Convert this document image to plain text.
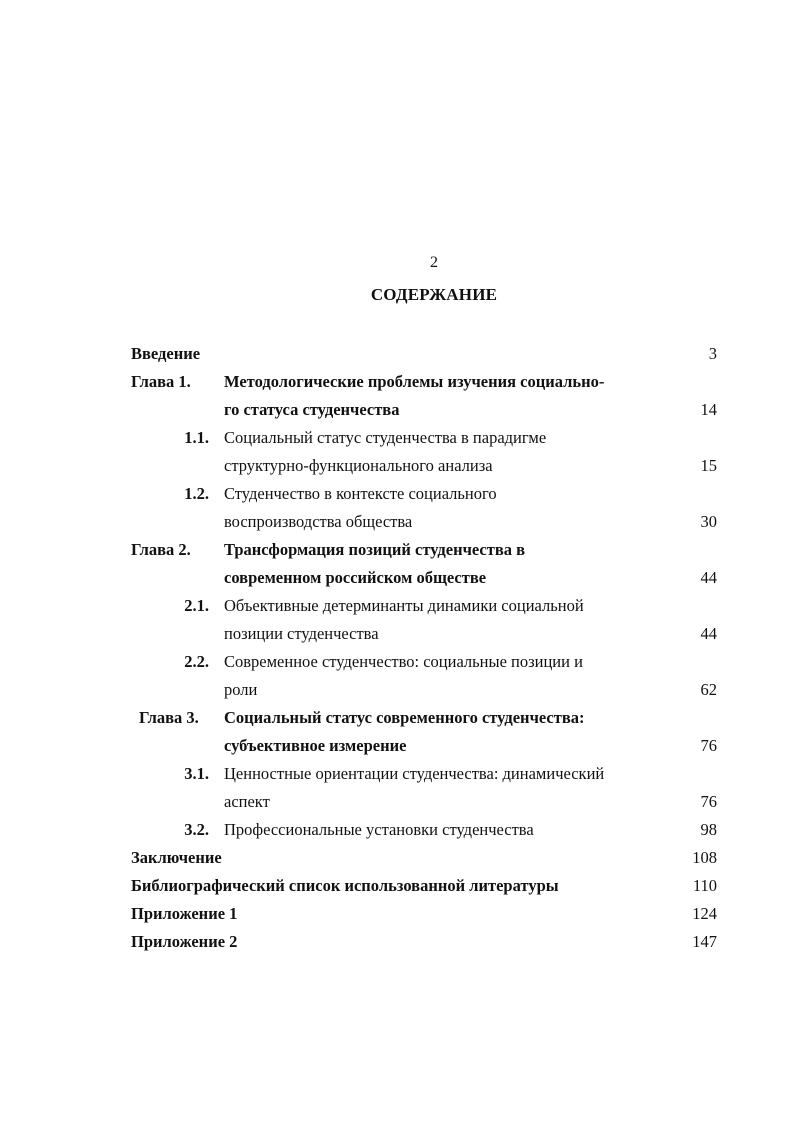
2
СОДЕРЖАНИЕ
Введение	3
Глава 1. Методологические проблемы изучения социально-
го статуса студенчества	14
1.1. Социальный статус студенчества в парадигме
структурно-функционального анализа	15
1.2. Студенчество в контексте социального
воспроизводства общества	30
Глава 2. Трансформация позиций студенчества в
современном российском обществе	44
2.1. Объективные детерминанты динамики социальной
позиции студенчества	44
2.2. Современное студенчество: социальные позиции и
роли	62
Глава 3. Социальный статус современного студенчества:
субъективное измерение	76
3.1. Ценностные ориентации студенчества: динамический
аспект	76
3.2. Профессиональные установки студенчества	98
Заключение	108
Библиографический список использованной литературы	110
Приложение 1	124
Приложение 2	147
